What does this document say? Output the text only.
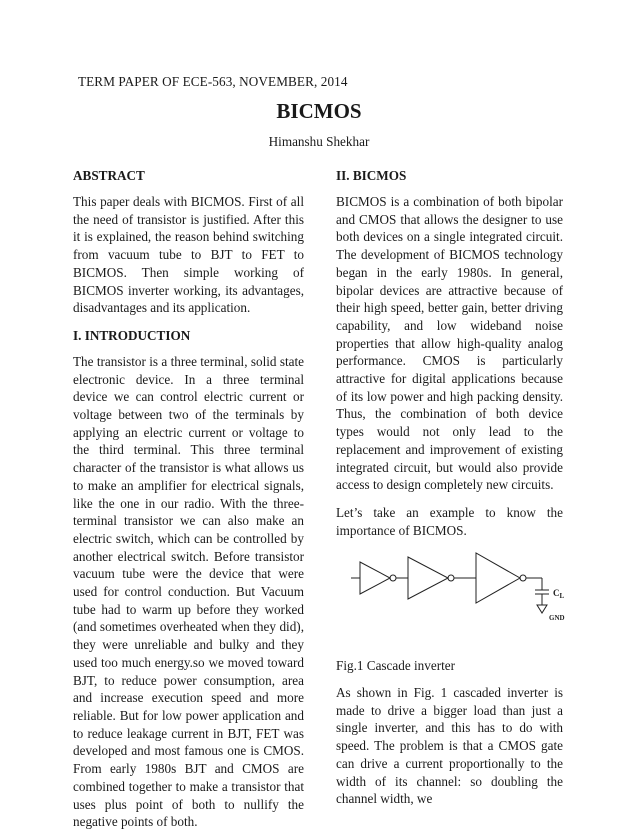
TERM PAPER OF ECE-563, NOVEMBER, 2014
BICMOS
Himanshu Shekhar
ABSTRACT

This paper deals with BICMOS. First of all the need of transistor is justified. After this it is explained, the reason behind switching from vacuum tube to BJT to FET to BICMOS. Then simple working of BICMOS inverter working, its advantages, disadvantages and its application.

I. INTRODUCTION

The transistor is a three terminal, solid state electronic device. In a three terminal device we can control electric current or voltage between two of the terminals by applying an electric current or voltage to the third terminal. This three terminal character of the transistor is what allows us to make an amplifier for electrical signals, like the one in our radio. With the three-terminal transistor we can also make an electric switch, which can be controlled by another electrical switch. Before transistor vacuum tube were the device that were used for control conduction. But Vacuum tube had to warm up before they worked (and sometimes overheated when they did), they were unreliable and bulky and they used too much energy.so we moved toward BJT, to reduce power consumption, area and increase execution speed and more reliable. But for low power application and to reduce leakage current in BJT, FET was developed and most famous one is CMOS. From early 1980s BJT and CMOS are combined together to make a transistor that uses plus point of both to nullify the negative points of both.

II. BICMOS

BICMOS is a combination of both bipolar and CMOS that allows the designer to use both devices on a single integrated circuit. The development of BICMOS technology began in the early 1980s. In general, bipolar devices are attractive because of their high speed, better gain, better driving capability, and low wideband noise properties that allow high-quality analog performance. CMOS is particularly attractive for digital applications because of its low power and high packing density. Thus, the combination of both device types would not only lead to the replacement and improvement of existing integrated circuit, but would also provide access to design completely new circuits.

Let’s take an example to know the importance of BICMOS.

$C_L$
GND
Fig.1 Cascade inverter

As shown in Fig. 1 cascaded inverter is made to drive a bigger load than just a single inverter, and this has to do with speed. The problem is that a CMOS gate can drive a current proportionally to the width of its channel: so doubling the channel width, we
